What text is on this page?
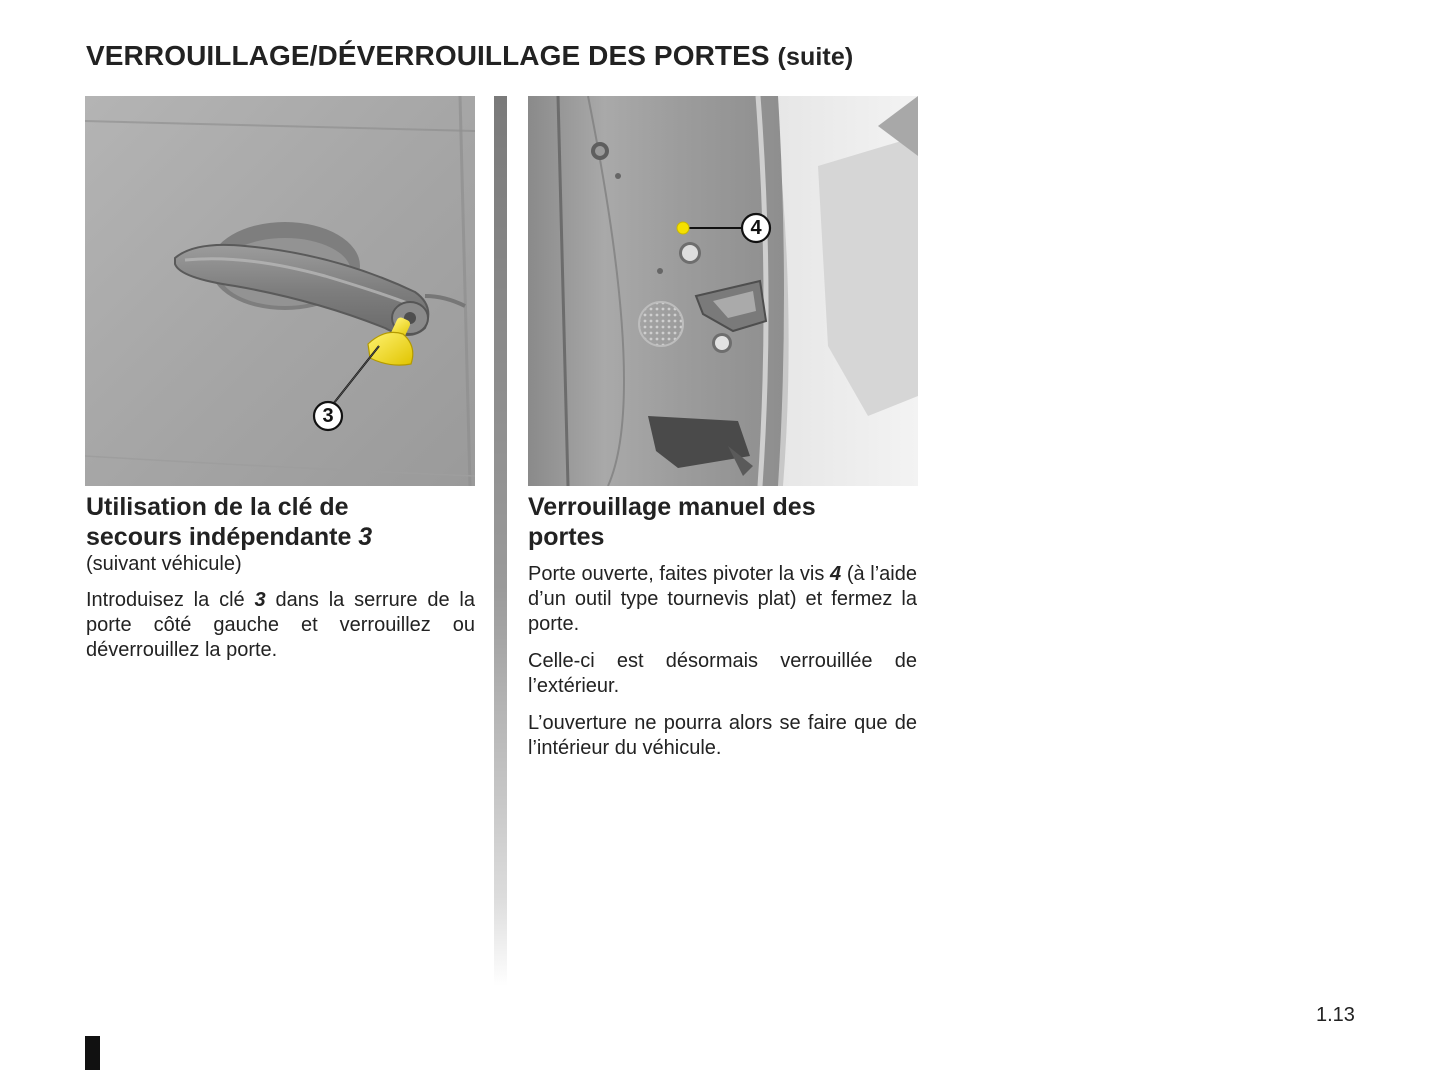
VERROUILLAGE/DÉVERROUILLAGE DES PORTES (suite)
3
4
Utilisation de la clé de
secours indépendante 3

(suivant véhicule)

Introduisez la clé 3 dans la serrure de la porte côté gauche et verrouillez ou déverrouillez la porte.

Verrouillage manuel des
portes

Porte ouverte, faites pivoter la vis 4 (à l’aide d’un outil type tournevis plat) et fermez la porte.

Celle-ci est désormais verrouillée de l’extérieur.

L’ouverture ne pourra alors se faire que de l’intérieur du véhicule.

1.13
